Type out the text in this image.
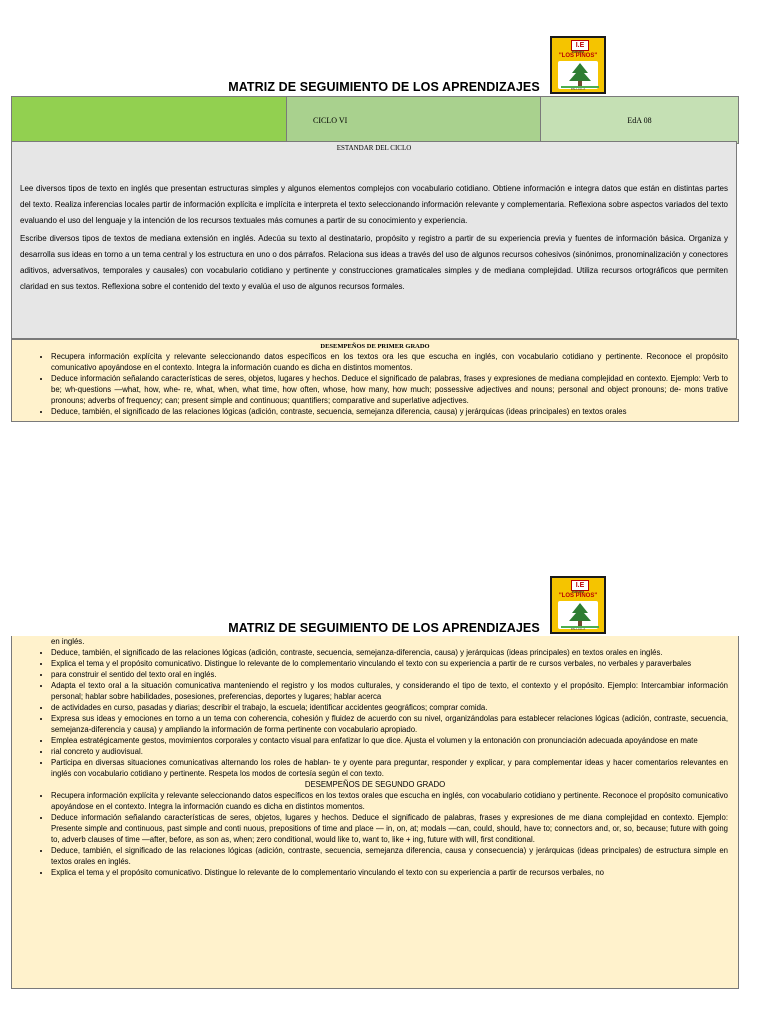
I.E
BIBIBI
"LOS PINOS"
PALLALLA
MATRIZ DE SEGUIMIENTO DE LOS APRENDIZAJES
	CICLO VI	EdA 08
ESTANDAR DEL CICLO

Lee diversos tipos de texto en inglés que presentan estructuras simples y algunos elementos complejos con vocabulario cotidiano. Obtiene información e integra datos que están en distintas partes del texto. Realiza inferencias locales partir de información explícita e implícita e interpreta el texto seleccionando información relevante y complementaria. Reflexiona sobre aspectos variados del texto evaluando el uso del lenguaje y la intención de los recursos textuales más comunes a partir de su conocimiento y experiencia.

Escribe diversos tipos de textos de mediana extensión en inglés. Adecúa su texto al destinatario, propósito y registro a partir de su experiencia previa y fuentes de información básica. Organiza y desarrolla sus ideas en torno a un tema central y los estructura en uno o dos párrafos. Relaciona sus ideas a través del uso de algunos recursos cohesivos (sinónimos, pronominalización y conectores aditivos, adversativos, temporales y causales) con vocabulario cotidiano y pertinente y construcciones gramaticales simples y de mediana complejidad. Utiliza recursos ortográficos que permiten claridad en sus textos. Reflexiona sobre el contenido del texto y evalúa el uso de algunos recursos formales.

DESEMPEÑOS DE PRIMER GRADO
• Recupera información explícita y relevante seleccionando datos específicos en los textos ora les que escucha en inglés, con vocabulario cotidiano y pertinente. Reconoce el propósito comunicativo apoyándose en el contexto. Integra la información cuando es dicha en distintos momentos.
• Deduce información señalando características de seres, objetos, lugares y hechos. Deduce el significado de palabras, frases y expresiones de mediana complejidad en contexto. Ejemplo: Verb to be; wh-questions —what, how, whe- re, what, when, what time, how often, whose, how many, how much; possessive adjectives and nouns; personal and object pronouns; de- mons trative pronouns; adverbs of frequency; can; present simple and continuous; quantifiers; comparative and superlative adjectives.
• Deduce, también, el significado de las relaciones lógicas (adición, contraste, secuencia, semejanza diferencia, causa) y jerárquicas (ideas principales) en textos orales
I.E
BIBIBI
"LOS PINOS"
PALLALLA
MATRIZ DE SEGUIMIENTO DE LOS APRENDIZAJES
en inglés.
• Deduce, también, el significado de las relaciones lógicas (adición, contraste, secuencia, semejanza-diferencia, causa) y jerárquicas (ideas principales) en textos orales en inglés.
• Explica el tema y el propósito comunicativo. Distingue lo relevante de lo complementario vinculando el texto con su experiencia a partir de re cursos verbales, no verbales y paraverbales
• para construir el sentido del texto oral en inglés.
• Adapta el texto oral a la situación comunicativa manteniendo el registro y los modos culturales, y considerando el tipo de texto, el contexto y el propósito. Ejemplo: Intercambiar información personal; hablar sobre habilidades, posesiones, preferencias, deportes y lugares; hablar acerca
• de actividades en curso, pasadas y diarias; describir el trabajo, la escuela; identificar accidentes geográficos; comprar comida.
• Expresa sus ideas y emociones en torno a un tema con coherencia, cohesión y fluidez de acuerdo con su nivel, organizándolas para establecer relaciones lógicas (adición, contraste, secuencia, semejanza-diferencia y causa) y ampliando la información de forma pertinente con vocabulario apropiado.
• Emplea estratégicamente gestos, movimientos corporales y contacto visual para enfatizar lo que dice. Ajusta el volumen y la entonación con pronunciación adecuada apoyándose en mate
• rial concreto y audiovisual.
• Participa en diversas situaciones comunicativas alternando los roles de hablan- te y oyente para preguntar, responder y explicar, y para complementar ideas y hacer comentarios relevantes en inglés con vocabulario cotidiano y pertinente. Respeta los modos de cortesía según el con texto.
DESEMPEÑOS DE SEGUNDO GRADO
• Recupera información explícita y relevante seleccionando datos específicos en los textos orales que escucha en inglés, con vocabulario cotidiano y pertinente. Reconoce el propósito comunicativo apoyándose en el contexto. Integra la información cuando es dicha en distintos momentos.
• Deduce información señalando características de seres, objetos, lugares y hechos. Deduce el significado de palabras, frases y expresiones de me diana complejidad en contexto. Ejemplo: Presente simple and continuous, past simple and conti nuous, prepositions of time and place — in, on, at; modals —can, could, should, have to; connectors and, or, so, because; future with going to, adverb clauses of time —after, before, as son as, when; zero conditional, would like to, want to, like + ing, future with will, first conditional.
• Deduce, también, el significado de las relaciones lógicas (adición, contraste, secuencia, semejanza diferencia, causa y consecuencia) y jerárquicas (ideas principales) de estructura simple en textos orales en inglés.
• Explica el tema y el propósito comunicativo. Distingue lo relevante de lo complementario vinculando el texto con su experiencia a partir de recursos verbales, no
